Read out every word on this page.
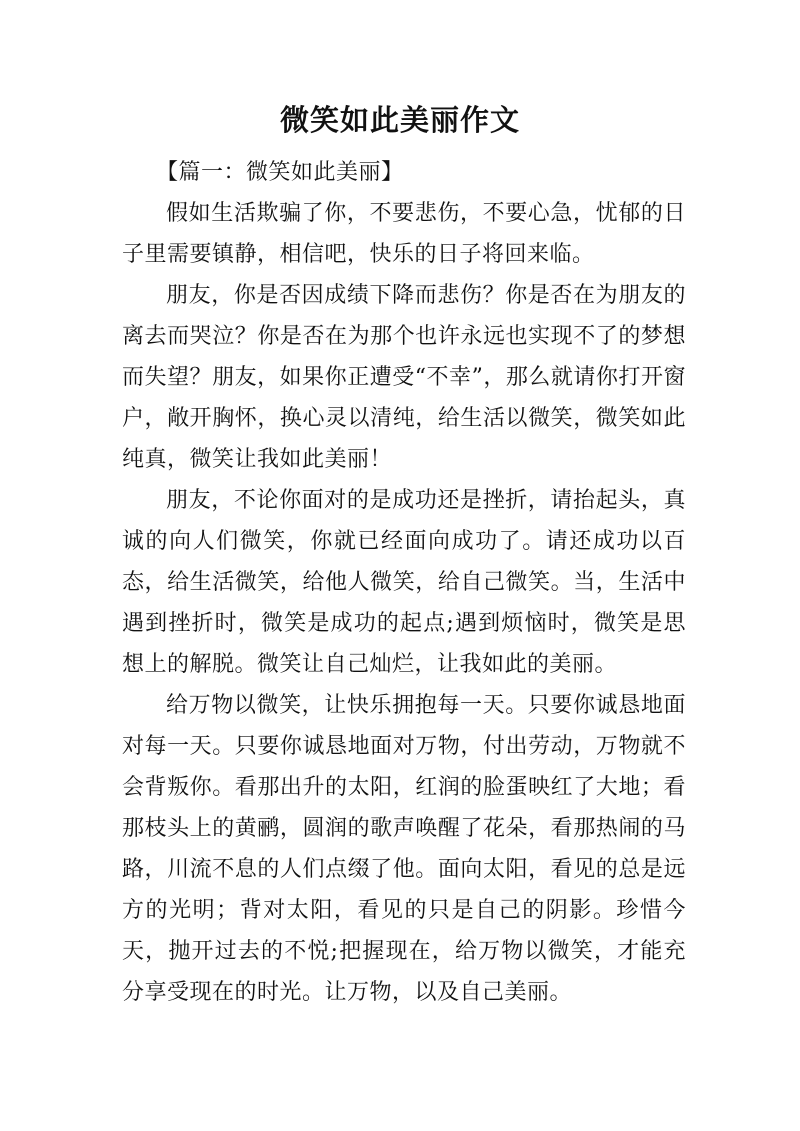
微笑如此美丽作文
【篇一：微笑如此美丽】

假如生活欺骗了你，不要悲伤，不要心急，忧郁的日子里需要镇静，相信吧，快乐的日子将回来临。

朋友，你是否因成绩下降而悲伤？你是否在为朋友的离去而哭泣？你是否在为那个也许永远也实现不了的梦想而失望？朋友，如果你正遭受“不幸”，那么就请你打开窗户，敞开胸怀，换心灵以清纯，给生活以微笑，微笑如此纯真，微笑让我如此美丽！

朋友，不论你面对的是成功还是挫折，请抬起头，真诚的向人们微笑，你就已经面向成功了。请还成功以百态，给生活微笑，给他人微笑，给自己微笑。当，生活中遇到挫折时，微笑是成功的起点;遇到烦恼时，微笑是思想上的解脱。微笑让自己灿烂，让我如此的美丽。

给万物以微笑，让快乐拥抱每一天。只要你诚恳地面对每一天。只要你诚恳地面对万物，付出劳动，万物就不会背叛你。看那出升的太阳，红润的脸蛋映红了大地；看那枝头上的黄鹂，圆润的歌声唤醒了花朵，看那热闹的马路，川流不息的人们点缀了他。面向太阳，看见的总是远方的光明；背对太阳，看见的只是自己的阴影。珍惜今天，抛开过去的不悦;把握现在，给万物以微笑，才能充分享受现在的时光。让万物，以及自己美丽。
